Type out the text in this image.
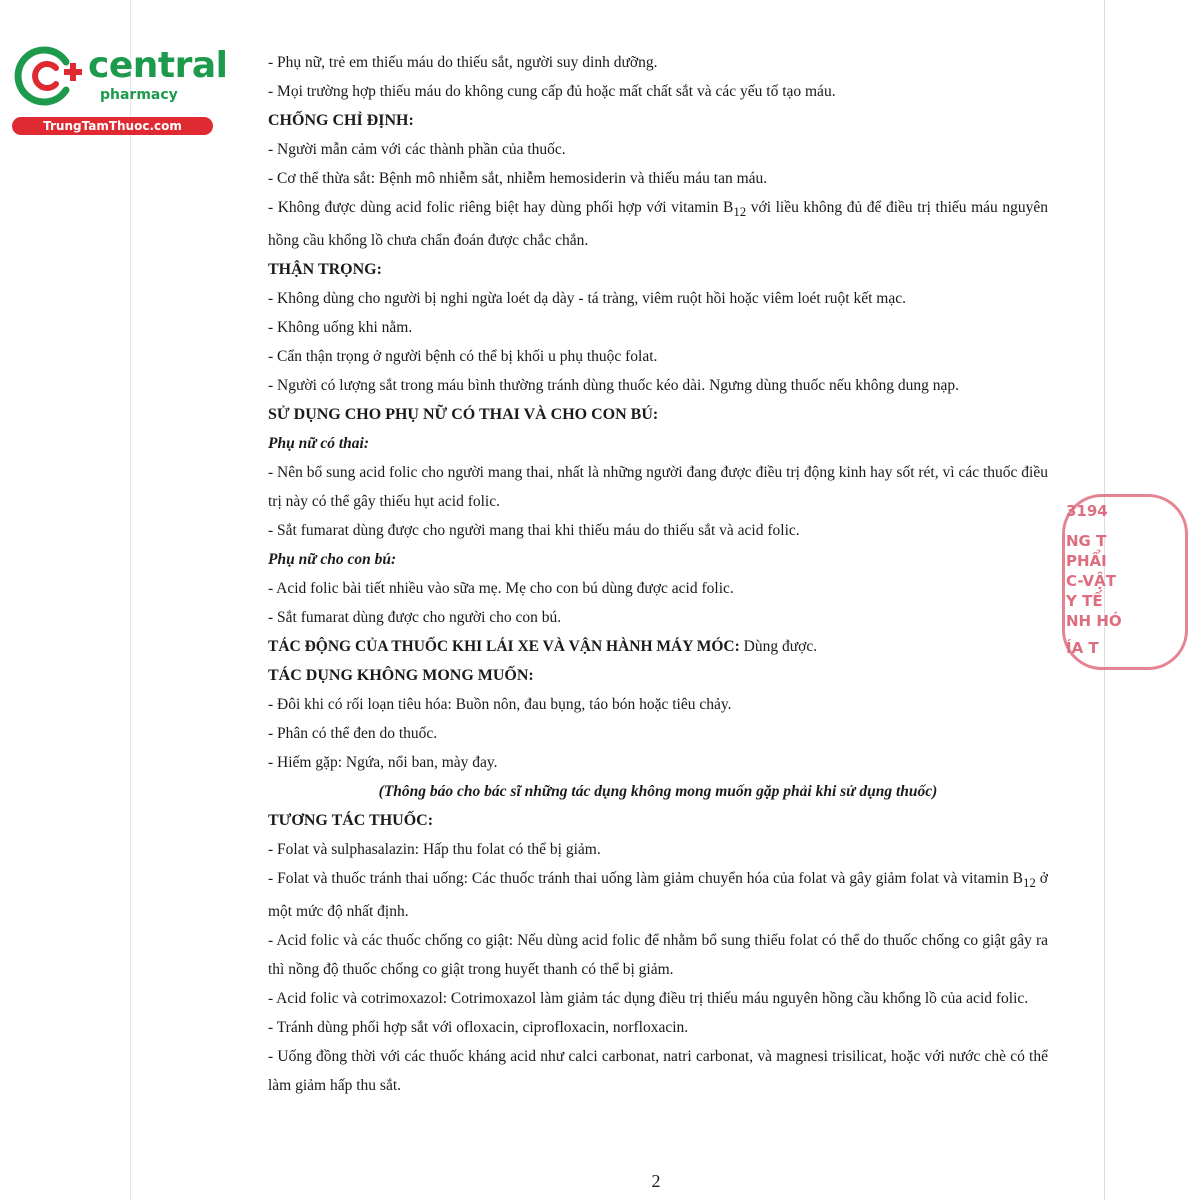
central
pharmacy
TrungTamThuoc.com

- Phụ nữ, trẻ em thiếu máu do thiếu sắt, người suy dinh dưỡng.

- Mọi trường hợp thiếu máu do không cung cấp đủ hoặc mất chất sắt và các yếu tố tạo máu.

CHỐNG CHỈ ĐỊNH:

- Người mẫn cảm với các thành phần của thuốc.

- Cơ thể thừa sắt: Bệnh mô nhiễm sắt, nhiễm hemosiderin và thiếu máu tan máu.

- Không được dùng acid folic riêng biệt hay dùng phối hợp với vitamin $B_{12}$ với liều không đủ để điều trị thiếu máu nguyên hồng cầu khổng lồ chưa chẩn đoán được chắc chắn.

THẬN TRỌNG:

- Không dùng cho người bị nghi ngừa loét dạ dày - tá tràng, viêm ruột hồi hoặc viêm loét ruột kết mạc.

- Không uống khi nằm.

- Cẩn thận trọng ở người bệnh có thể bị khối u phụ thuộc folat.

- Người có lượng sắt trong máu bình thường tránh dùng thuốc kéo dài. Ngưng dùng thuốc nếu không dung nạp.

SỬ DỤNG CHO PHỤ NỮ CÓ THAI VÀ CHO CON BÚ:

Phụ nữ có thai:

- Nên bổ sung acid folic cho người mang thai, nhất là những người đang được điều trị động kinh hay sốt rét, vì các thuốc điều trị này có thể gây thiếu hụt acid folic.

- Sắt fumarat dùng được cho người mang thai khi thiếu máu do thiếu sắt và acid folic.

Phụ nữ cho con bú:

- Acid folic bài tiết nhiều vào sữa mẹ. Mẹ cho con bú dùng được acid folic.

- Sắt fumarat dùng được cho người cho con bú.

TÁC ĐỘNG CỦA THUỐC KHI LÁI XE VÀ VẬN HÀNH MÁY MÓC: Dùng được.

TÁC DỤNG KHÔNG MONG MUỐN:

- Đôi khi có rối loạn tiêu hóa: Buồn nôn, đau bụng, táo bón hoặc tiêu chảy.

- Phân có thể đen do thuốc.

- Hiếm gặp: Ngứa, nổi ban, mày đay.

(Thông báo cho bác sĩ những tác dụng không mong muốn gặp phải khi sử dụng thuốc)

TƯƠNG TÁC THUỐC:

- Folat và sulphasalazin: Hấp thu folat có thể bị giảm.

- Folat và thuốc tránh thai uống: Các thuốc tránh thai uống làm giảm chuyển hóa của folat và gây giảm folat và vitamin $B_{12}$ ở một mức độ nhất định.

- Acid folic và các thuốc chống co giật: Nếu dùng acid folic để nhằm bổ sung thiếu folat có thể do thuốc chống co giật gây ra thì nồng độ thuốc chống co giật trong huyết thanh có thể bị giảm.

- Acid folic và cotrimoxazol: Cotrimoxazol làm giảm tác dụng điều trị thiếu máu nguyên hồng cầu khổng lồ của acid folic.

- Tránh dùng phối hợp sắt với ofloxacin, ciprofloxacin, norfloxacin.

- Uống đồng thời với các thuốc kháng acid như calci carbonat, natri carbonat, và magnesi trisilicat, hoặc với nước chè có thể làm giảm hấp thu sắt.

3194
NG T
PHẨI
C-VẬT
Y TẾ
NH HÓ
ÍA T
2
